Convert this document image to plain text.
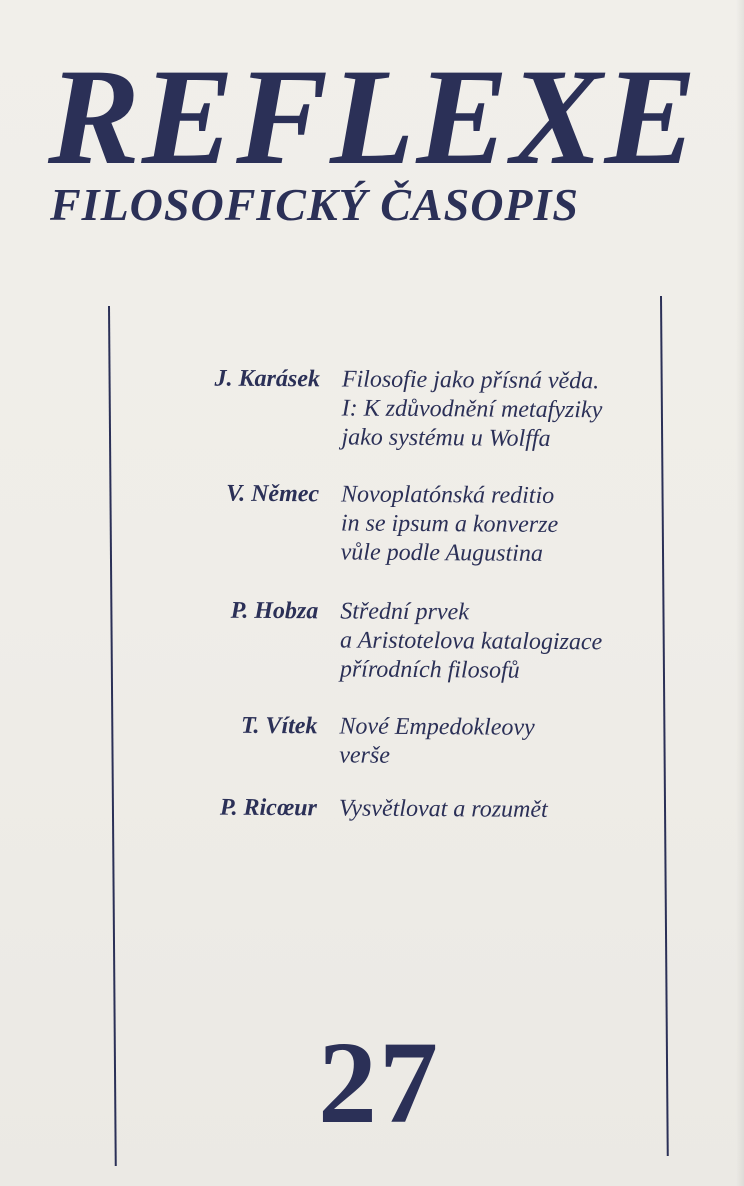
REFLEXE
FILOSOFICKÝ ČASOPIS
J. Karásek Filosofie jako přísná věda.
I: K zdůvodnění metafyziky
jako systému u Wolffa
V. Němec Novoplatónská reditio
in se ipsum a konverze
vůle podle Augustina
P. Hobza Střední prvek
a Aristotelova katalogizace
přírodních filosofů
T. Vítek Nové Empedokleovy
verše
P. Ricœur Vysvětlovat a rozumět
27
